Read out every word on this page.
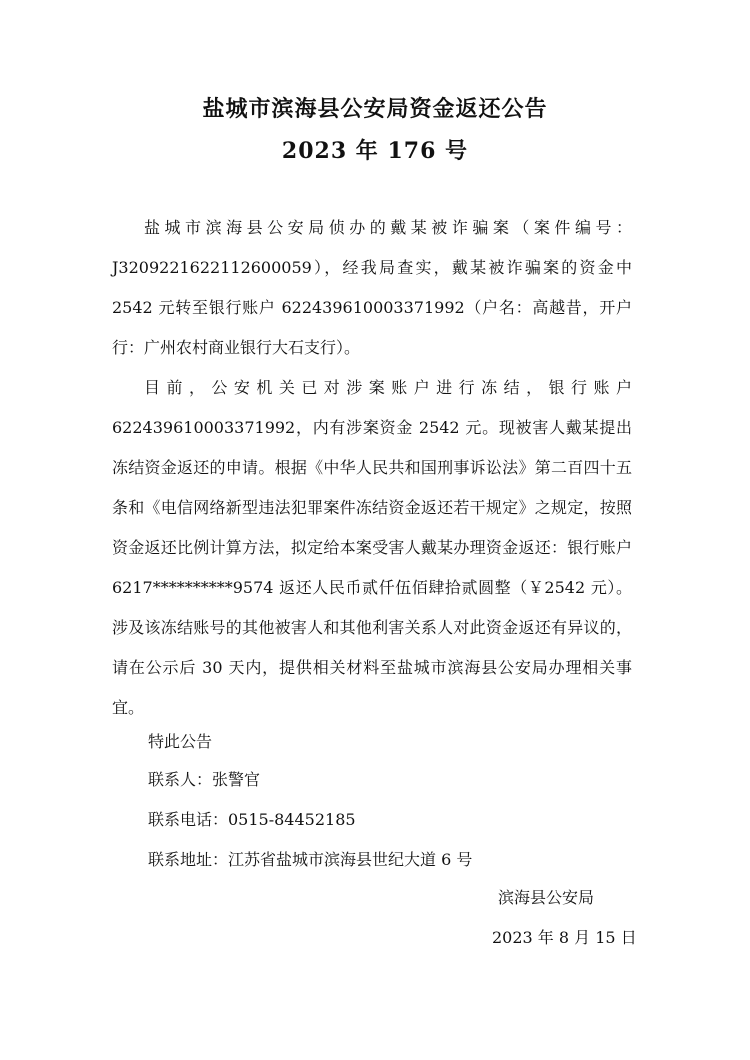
盐城市滨海县公安局资金返还公告
2023 年 176 号

盐城市滨海县公安局侦办的戴某被诈骗案（案件编号：J3209221622112600059），经我局查实，戴某被诈骗案的资金中 2542 元转至银行账户 622439610003371992（户名：高越昔，开户行：广州农村商业银行大石支行）。

目前，公安机关已对涉案账户进行冻结，银行账户 622439610003371992，内有涉案资金 2542 元。现被害人戴某提出冻结资金返还的申请。根据《中华人民共和国刑事诉讼法》第二百四十五条和《电信网络新型违法犯罪案件冻结资金返还若干规定》之规定，按照资金返还比例计算方法，拟定给本案受害人戴某办理资金返还：银行账户 6217**********9574 返还人民币贰仟伍佰肆拾贰圆整（￥2542 元）。涉及该冻结账号的其他被害人和其他利害关系人对此资金返还有异议的，请在公示后 30 天内，提供相关材料至盐城市滨海县公安局办理相关事宜。

特此公告
联系人：张警官
联系电话：0515-84452185
联系地址：江苏省盐城市滨海县世纪大道 6 号
滨海县公安局
2023 年 8 月 15 日
